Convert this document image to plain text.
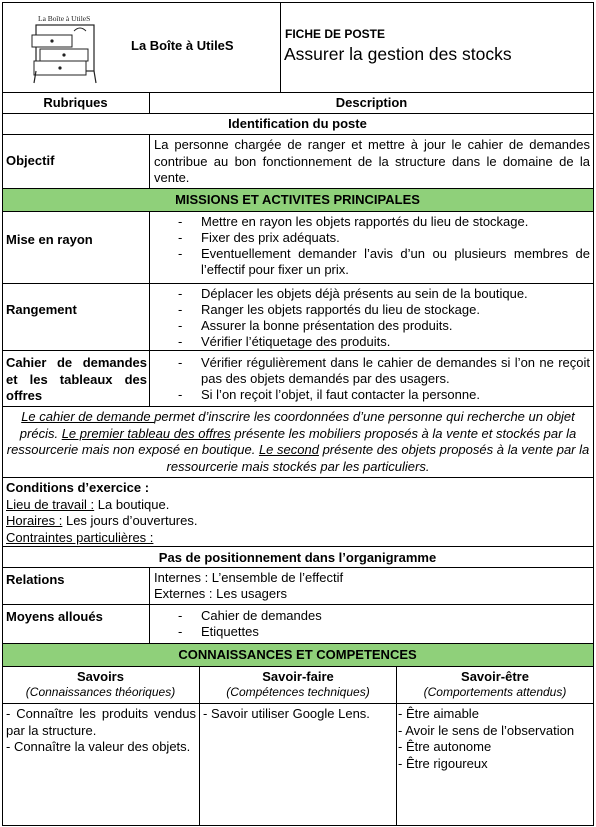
La Boîte à UtileS
La Boîte à UtileS
FICHE DE POSTE
Assurer la gestion des stocks
Rubriques	Description
Identification du poste
Objectif
La personne chargée de ranger et mettre à jour le cahier de demandes contribue au bon fonctionnement de la structure dans le domaine de la vente.
MISSIONS ET ACTIVITES PRINCIPALES
Mise en rayon
- Mettre en rayon les objets rapportés du lieu de stockage.
- Fixer des prix adéquats.
- Eventuellement demander l’avis d’un ou plusieurs membres de l’effectif pour fixer un prix.
Rangement
- Déplacer les objets déjà présents au sein de la boutique.
- Ranger les objets rapportés du lieu de stockage.
- Assurer la bonne présentation des produits.
- Vérifier l’étiquetage des produits.
Cahier de demandes et les tableaux des offres
- Vérifier régulièrement dans le cahier de demandes si l’on ne reçoit pas des objets demandés par des usagers.
- Si l’on reçoit l’objet, il faut contacter la personne.
Le cahier de demande permet d’inscrire les coordonnées d’une personne qui recherche un objet précis. Le premier tableau des offres présente les mobiliers proposés à la vente et stockés par la ressourcerie mais non exposé en boutique. Le second présente des objets proposés à la vente par la ressourcerie mais stockés par les particuliers.
Conditions d’exercice :
Lieu de travail : La boutique.
Horaires : Les jours d’ouvertures.
Contraintes particulières :
Pas de positionnement dans l’organigramme
Relations	Internes : L’ensemble de l’effectif
Externes : Les usagers
Moyens alloués
-	Cahier de demandes
- Etiquettes
CONNAISSANCES ET COMPETENCES
Savoirs
(Connaissances théoriques)
Savoir-faire
(Compétences techniques)
Savoir-être
(Comportements attendus)
- Connaître les produits vendus par la structure.
- Connaître la valeur des objets.
- Savoir utiliser Google Lens.	- Être aimable
- Avoir le sens de l’observation
- Être autonome
- Être rigoureux
